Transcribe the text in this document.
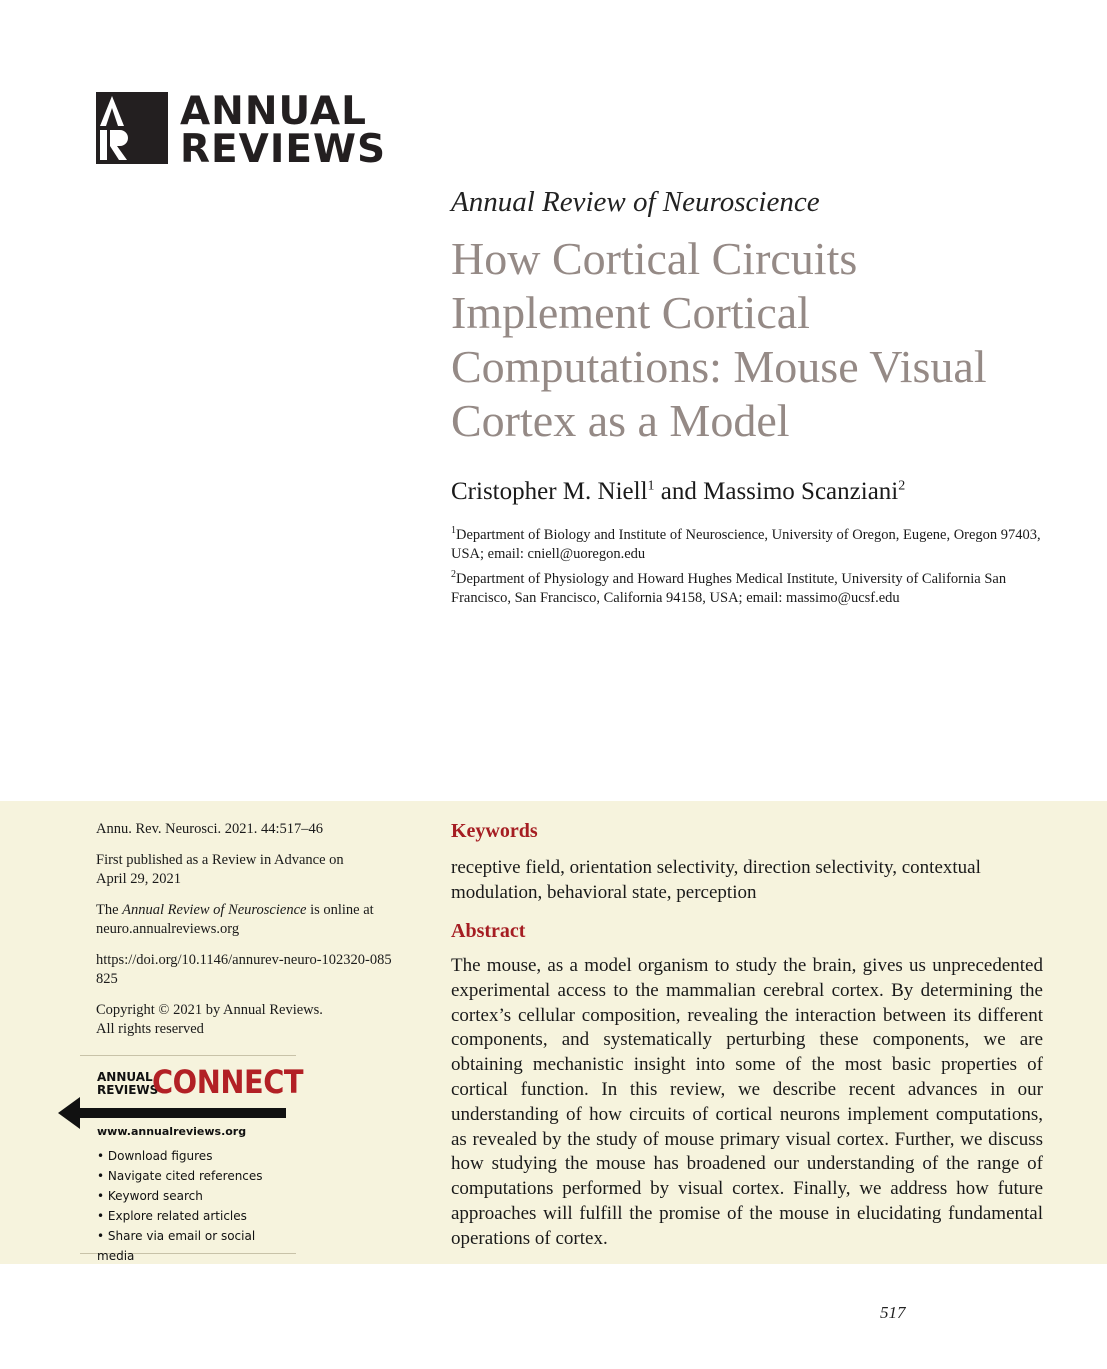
ANNUAL
REVIEWS
Annual Review of Neuroscience
How Cortical Circuits Implement Cortical Computations: Mouse Visual Cortex as a Model
Cristopher M. Niell$^1$ and Massimo Scanziani$^2$
$^1$Department of Biology and Institute of Neuroscience, University of Oregon, Eugene, Oregon 97403, USA; email: cniell@uoregon.edu
$^2$Department of Physiology and Howard Hughes Medical Institute, University of California San Francisco, San Francisco, California 94158, USA; email: massimo@ucsf.edu
Annu. Rev. Neurosci. 2021. 44:517–46
First published as a Review in Advance on April 29, 2021
The Annual Review of Neuroscience is online at neuro.annualreviews.org
https://doi.org/10.1146/annurev-neuro-102320-085825
Copyright © 2021 by Annual Reviews.
All rights reserved
ANNUAL
REVIEWS
CONNECT
www.annualreviews.org
• Download figures
• Navigate cited references
• Keyword search
• Explore related articles
• Share via email or social media
Keywords
receptive field, orientation selectivity, direction selectivity, contextual modulation, behavioral state, perception
Abstract

The mouse, as a model organism to study the brain, gives us unprecedented experimental access to the mammalian cerebral cortex. By determining the cortex’s cellular composition, revealing the interaction between its different components, and systematically perturbing these components, we are obtaining mechanistic insight into some of the most basic properties of cortical function. In this review, we describe recent advances in our understanding of how circuits of cortical neurons implement computations, as revealed by the study of mouse primary visual cortex. Further, we discuss how studying the mouse has broadened our understanding of the range of computations performed by visual cortex. Finally, we address how future approaches will fulfill the promise of the mouse in elucidating fundamental operations of cortex.

517
